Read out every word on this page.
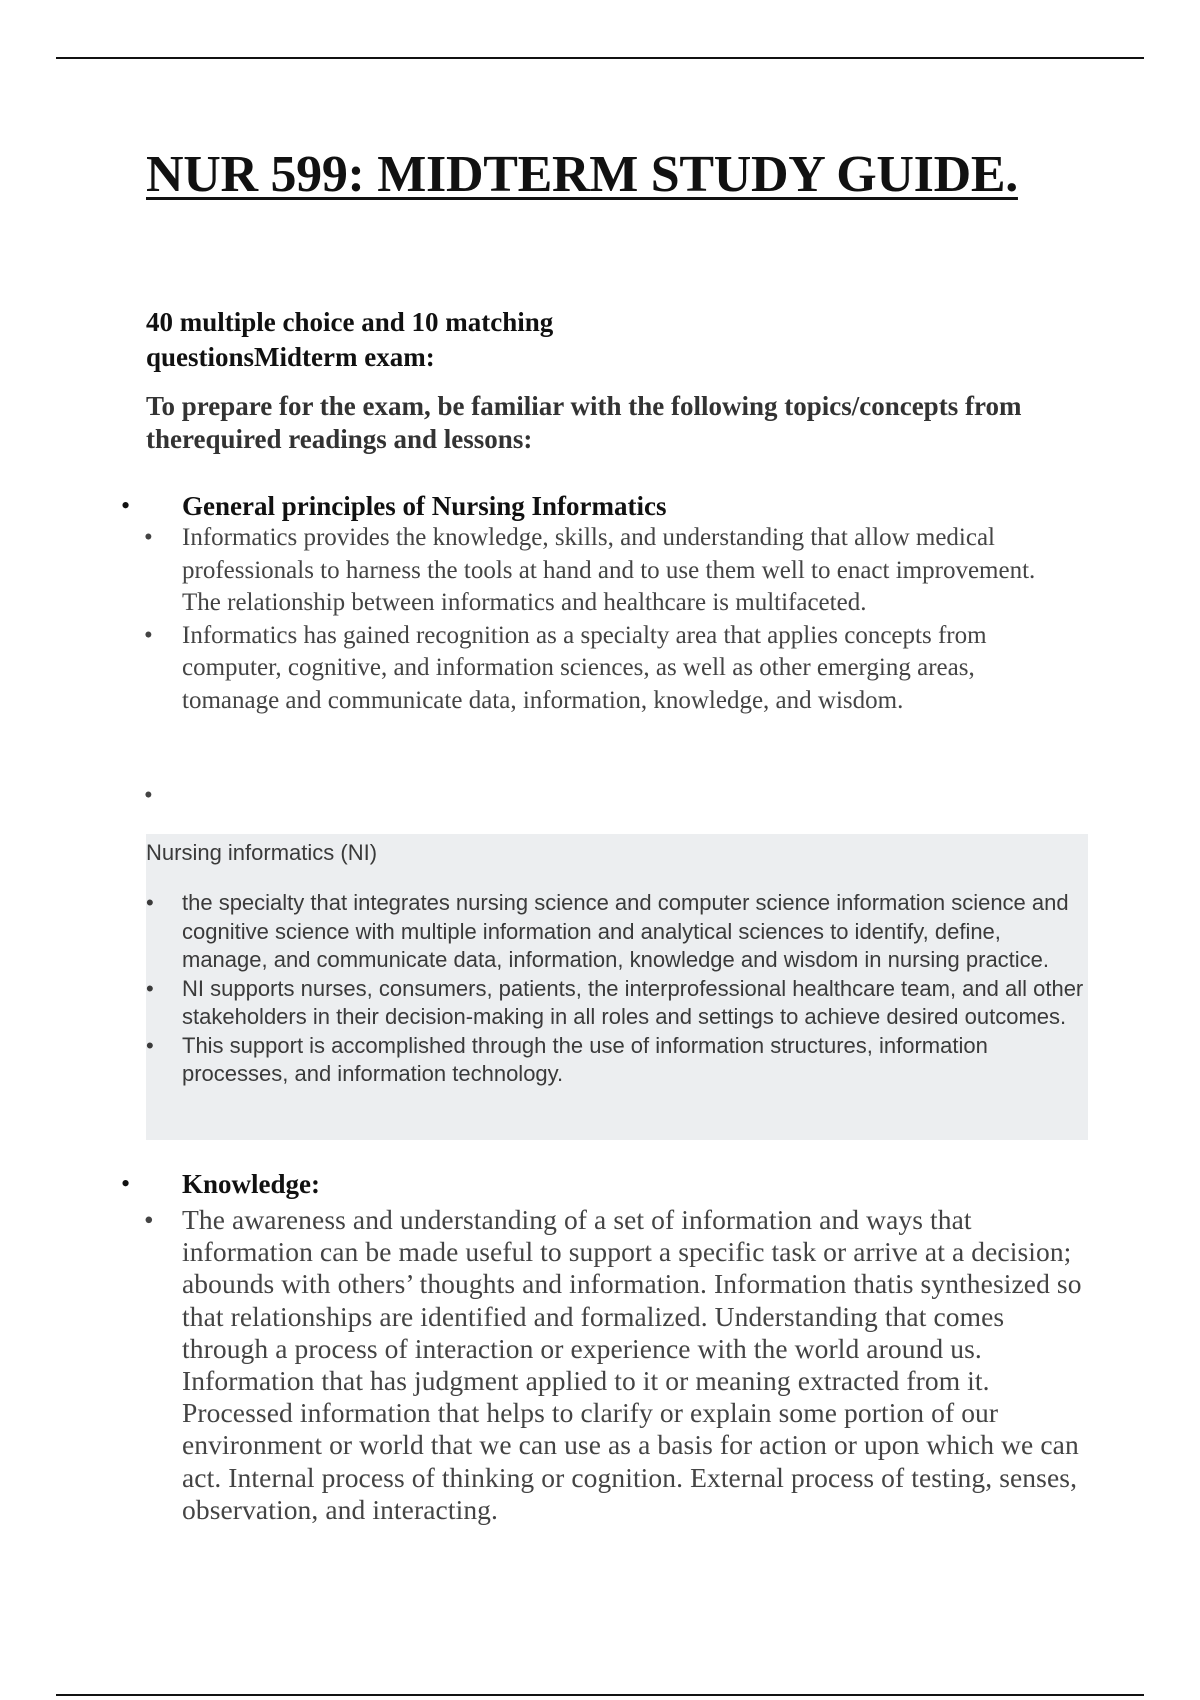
NUR 599: MIDTERM STUDY GUIDE.

40 multiple choice and 10 matching questionsMidterm exam:

To prepare for the exam, be familiar with the following topics/concepts from therequired readings and lessons:

• General principles of Nursing Informatics
• Informatics provides the knowledge, skills, and understanding that allow medical professionals to harness the tools at hand and to use them well to enact improvement. The relationship between informatics and healthcare is multifaceted.
• Informatics has gained recognition as a specialty area that applies concepts from computer, cognitive, and information sciences, as well as other emerging areas, tomanage and communicate data, information, knowledge, and wisdom.
•

Nursing informatics (NI)

• the specialty that integrates nursing science and computer science information science and cognitive science with multiple information and analytical sciences to identify, define, manage, and communicate data, information, knowledge and wisdom in nursing practice.
• NI supports nurses, consumers, patients, the interprofessional healthcare team, and all other stakeholders in their decision-making in all roles and settings to achieve desired outcomes.
• This support is accomplished through the use of information structures, information processes, and information technology.
• Knowledge:
• The awareness and understanding of a set of information and ways that information can be made useful to support a specific task or arrive at a decision; abounds with others’ thoughts and information. Information thatis synthesized so that relationships are identified and formalized. Understanding that comes through a process of interaction or experience with the world around us. Information that has judgment applied to it or meaning extracted from it. Processed information that helps to clarify or explain some portion of our environment or world that we can use as a basis for action or upon which we can act. Internal process of thinking or cognition. External process of testing, senses, observation, and interacting.
